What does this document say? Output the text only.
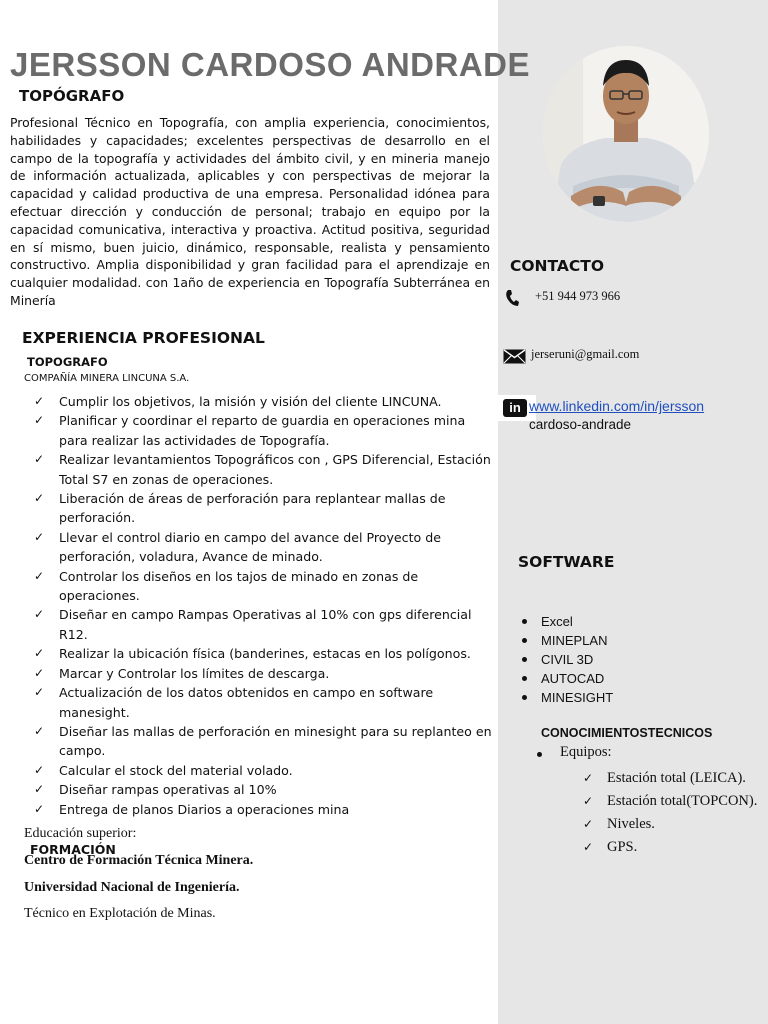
JERSSON CARDOSO ANDRADE
TOPÓGRAFO
Profesional Técnico en Topografía, con amplia experiencia, conocimientos, habilidades y capacidades; excelentes perspectivas de desarrollo en el campo de la topografía y actividades del ámbito civil, y en mineria manejo de información actualizada, aplicables y con perspectivas de mejorar la capacidad y calidad productiva de una empresa. Personalidad idónea para efectuar dirección y conducción de personal; trabajo en equipo por la capacidad comunicativa, interactiva y proactiva. Actitud positiva, seguridad en sí mismo, buen juicio, dinámico, responsable, realista y pensamiento constructivo. Amplia disponibilidad y gran facilidad para el aprendizaje en cualquier modalidad. con 1año de experiencia en Topografía Subterránea en Minería
EXPERIENCIA PROFESIONAL
TOPOGRAFO
COMPAÑÍA MINERA LINCUNA S.A.
✓ Cumplir los objetivos, la misión y visión del cliente LINCUNA.
✓ Planificar y coordinar el reparto de guardia en operaciones mina para realizar las actividades de Topografía.
✓ Realizar levantamientos Topográficos con , GPS Diferencial, Estación Total S7 en zonas de operaciones.
✓ Liberación de áreas de perforación para replantear mallas de perforación.
✓ Llevar el control diario en campo del avance del Proyecto de perforación, voladura, Avance de minado.
✓ Controlar los diseños en los tajos de minado en zonas de operaciones.
✓ Diseñar en campo Rampas Operativas al 10% con gps diferencial R12.
✓ Realizar la ubicación física (banderines, estacas en los polígonos.
✓ Marcar y Controlar los límites de descarga.
✓ Actualización de los datos obtenidos en campo en software manesight.
✓ Diseñar las mallas de perforación en minesight para su replanteo en campo.
✓ Calcular el stock del material volado.
✓ Diseñar rampas operativas al 10%
✓ Entrega de planos Diarios a operaciones mina
Educación superior:
FORMACIÓN
Centro de Formación Técnica Minera.
Universidad Nacional de Ingeniería.
Técnico en Explotación de Minas.
CONTACTO
+51 944 973 966
jerseruni@gmail.com
in www.linkedin.com/in/jersson
cardoso-andrade
SOFTWARE
Excel
MINEPLAN
CIVIL 3D
AUTOCAD
MINESIGHT
CONOCIMIENTOSTECNICOS
Equipos:
✓ Estación total (LEICA).
✓ Estación total(TOPCON).
✓ Niveles.
✓ GPS.
